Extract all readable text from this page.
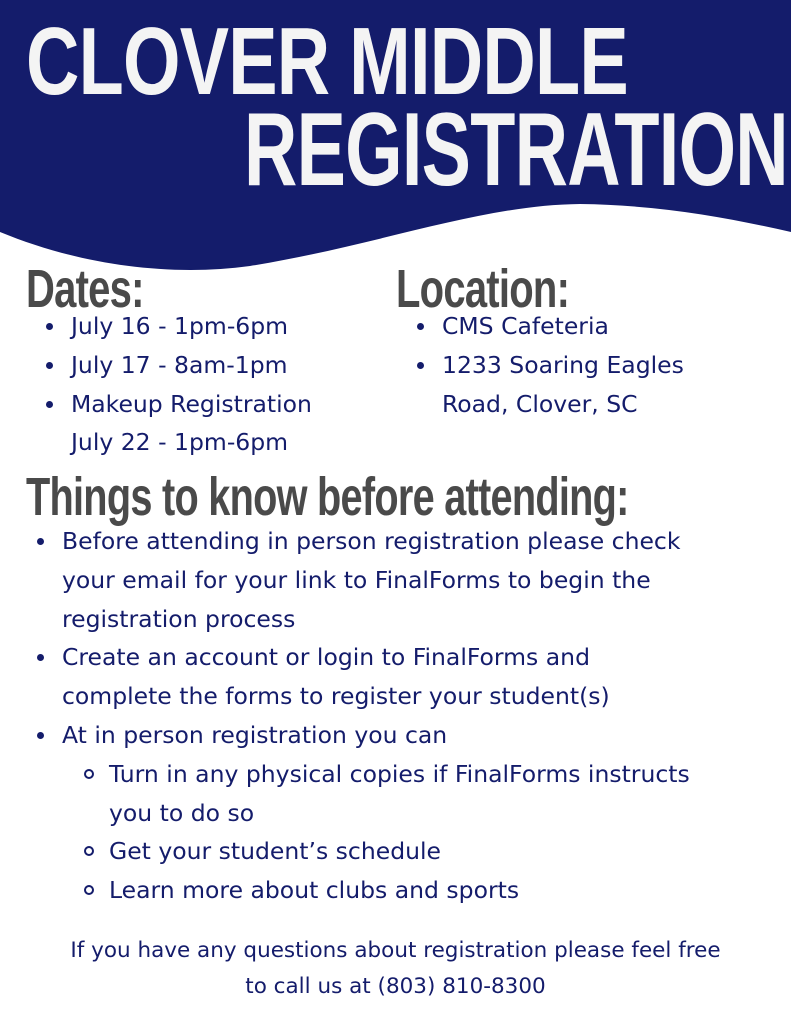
CLOVER MIDDLE
REGISTRATION
Dates:
July 16 - 1pm-6pm
July 17 - 8am-1pm
Makeup Registration
July 22 - 1pm-6pm
Location:
CMS Cafeteria
1233 Soaring Eagles
Road, Clover, SC
Things to know before attending:
Before attending in person registration please check
your email for your link to FinalForms to begin the
registration process
Create an account or login to FinalForms and
complete the forms to register your student(s)
At in person registration you can
Turn in any physical copies if FinalForms instructs
you to do so
Get your student’s schedule
Learn more about clubs and sports

If you have any questions about registration please feel free
to call us at (803) 810-8300
